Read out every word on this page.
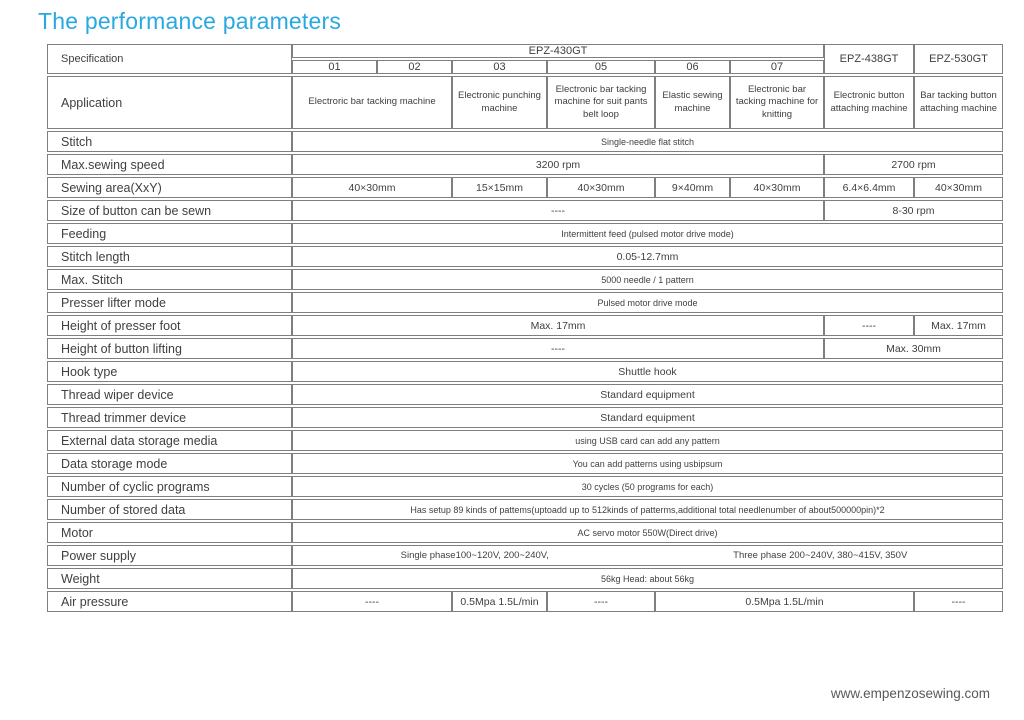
The performance parameters
Specification	EPZ-430GT						EPZ-438GT	EPZ-530GT
	01	02	03	05	06	07		
Application	Electroric bar tacking machine		Electronic punching machine	Electronic bar tacking machine for suit pants belt loop	Elastic sewing machine	Electronic bar tacking machine for knitting	Electronic button attaching machine	Bar tacking button attaching machine
Stitch	Single-needle flat stitch							
Max.sewing speed	3200 rpm						2700 rpm	
Sewing area(XxY)	40×30mm		15×15mm	40×30mm	9×40mm	40×30mm	6.4×6.4mm	40×30mm
Size of button can be sewn	----						8-30 rpm	
Feeding	Intermittent feed (pulsed motor drive mode)							
Stitch length	0.05-12.7mm							
Max. Stitch	5000 needle / 1 pattern							
Presser lifter mode	Pulsed motor drive mode							
Height of presser foot	Max. 17mm						----	Max. 17mm
Height of button lifting	----						Max. 30mm	
Hook type	Shuttle hook							
Thread wiper device	Standard equipment							
Thread trimmer device	Standard equipment							
External data storage media	using USB card can add any pattern							
Data storage mode	You can add patterns using usbipsum							
Number of cyclic programs	30 cycles (50 programs for each)							
Number of stored data	Has setup 89 kinds of pattems(uptoadd up to 512kinds of patterms,additional total needlenumber of about500000pin)*2							
Motor	AC servo motor 550W(Direct drive)							
Power supply	Single phase100~120V, 200~240V, Three phase 200~240V, 380~415V, 350V							
Weight	56kg Head: about 56kg							
Air pressure	----		0.5Mpa 1.5L/min	----	0.5Mpa 1.5L/min			----
www.empenzosewing.com
